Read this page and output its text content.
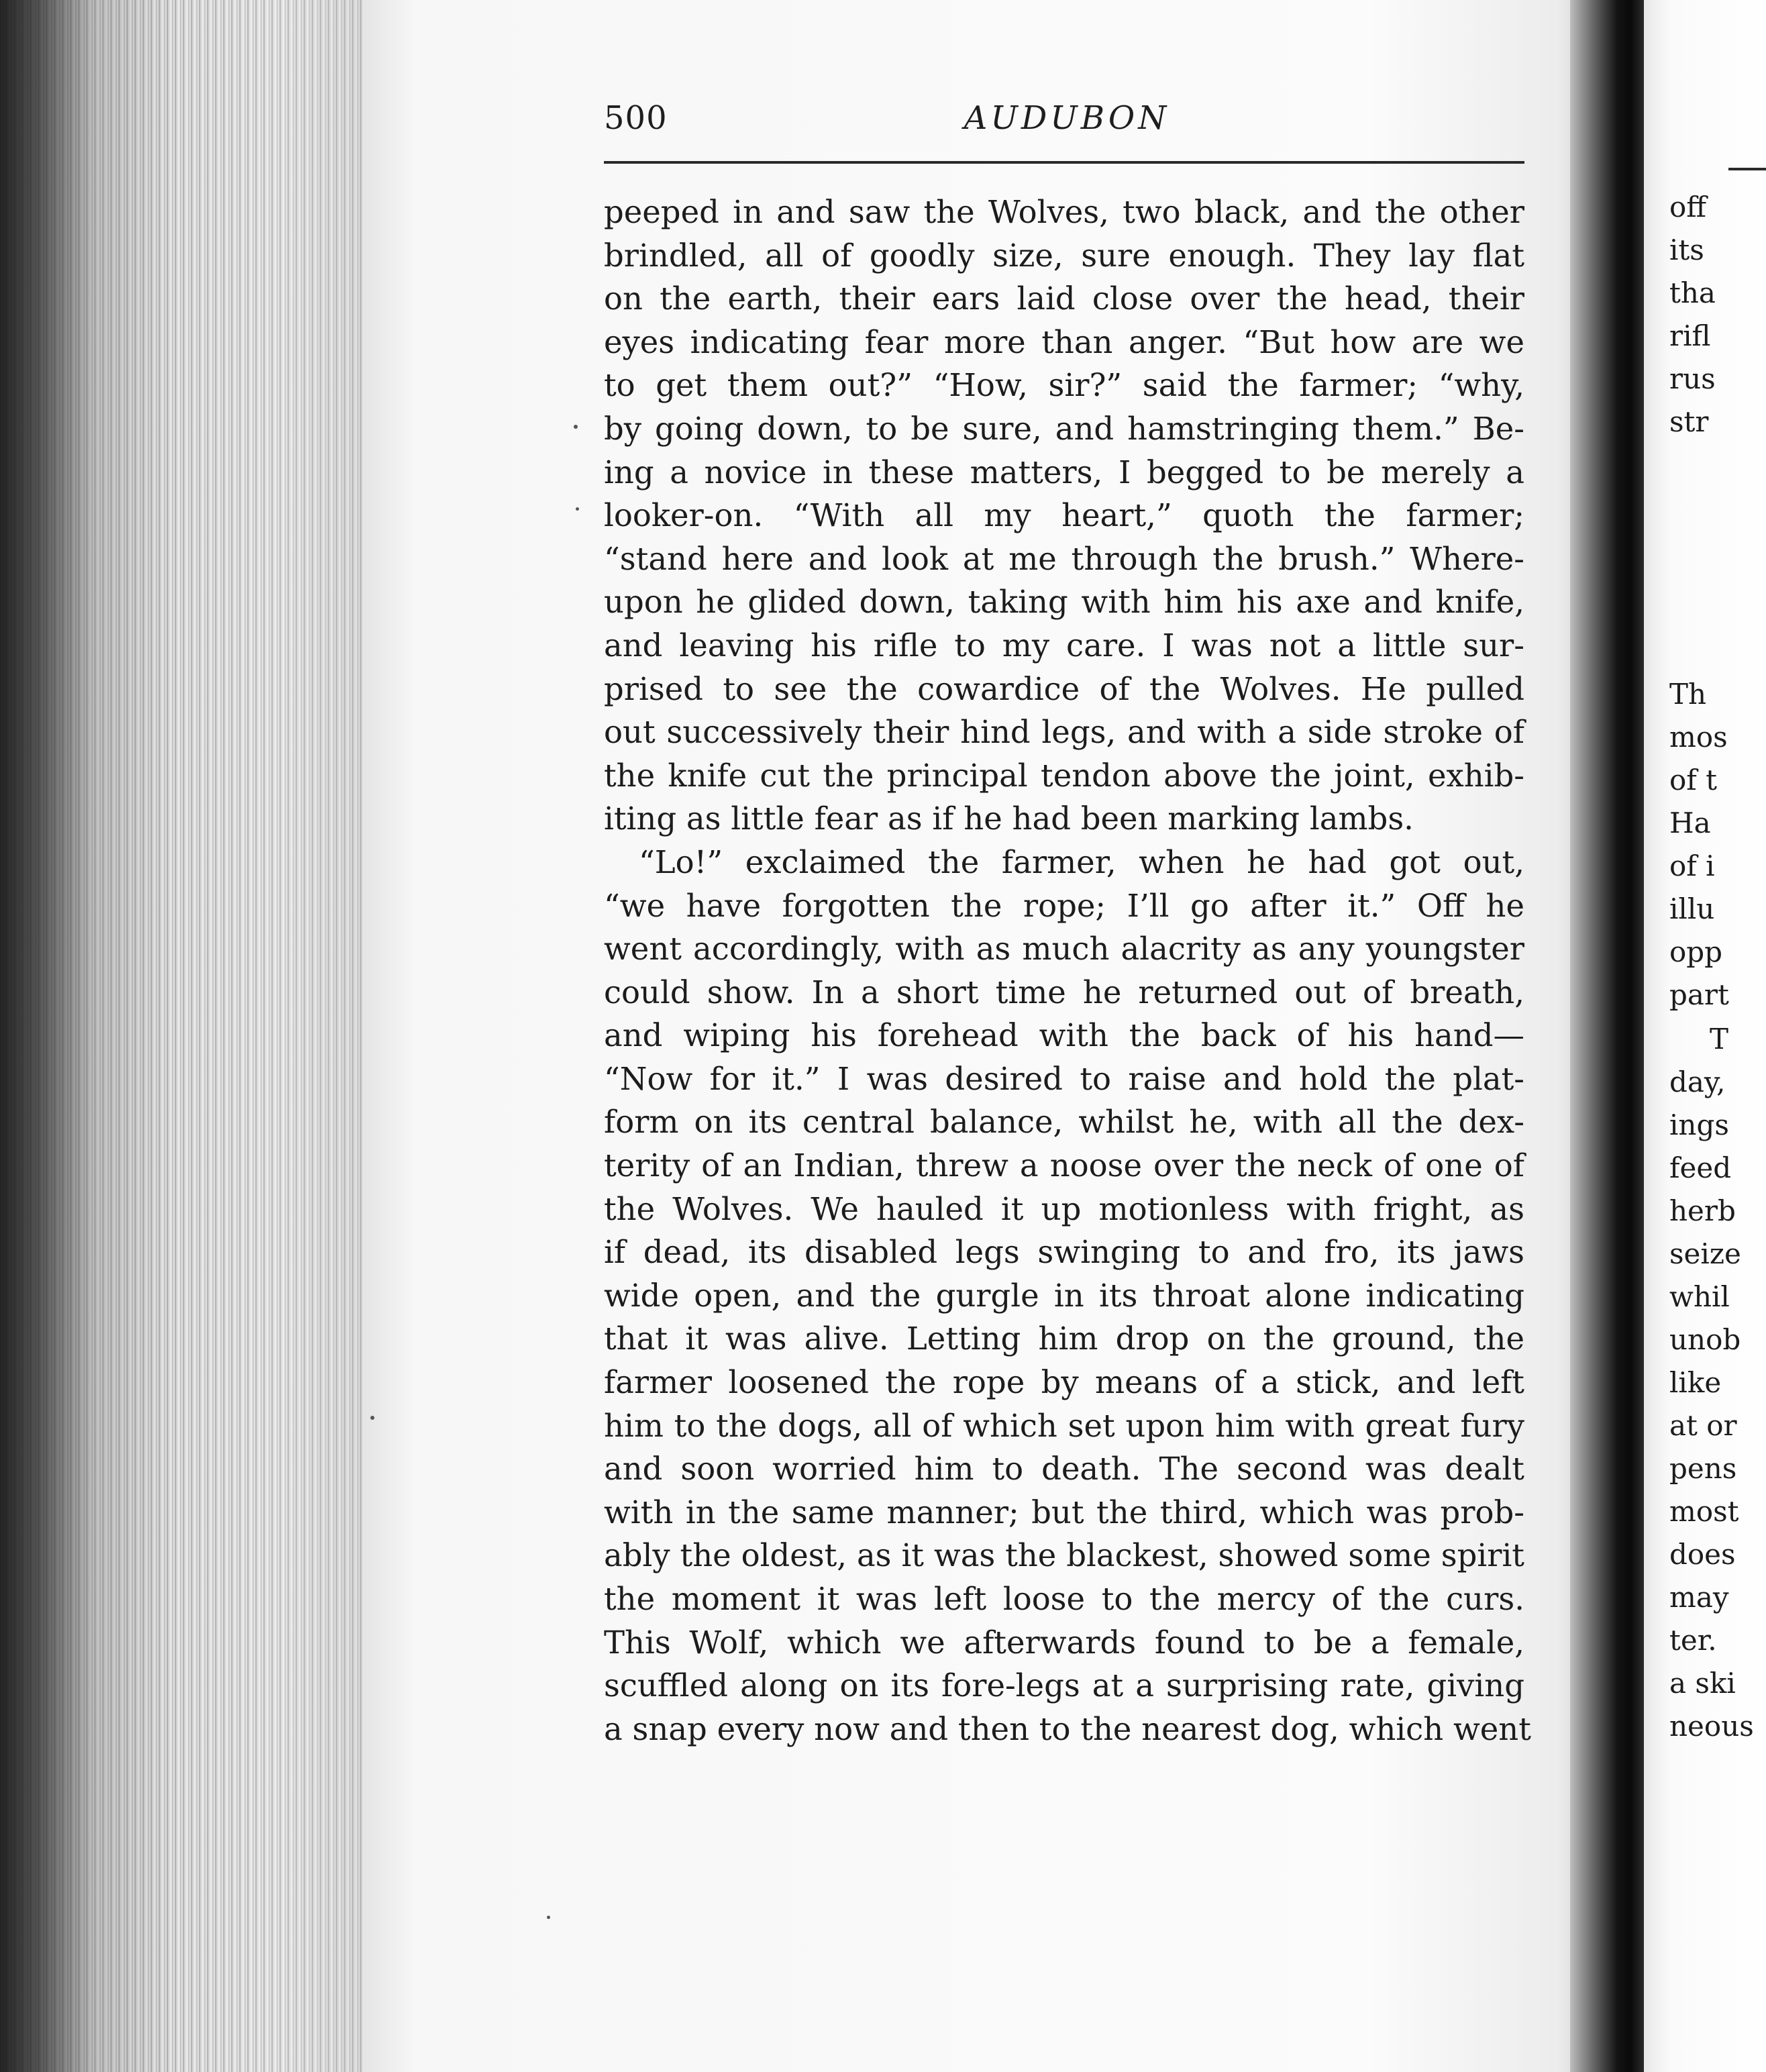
500	AUDUBON
peeped in and saw the Wolves, two black, and the other
brindled, all of goodly size, sure enough. They lay flat
on the earth, their ears laid close over the head, their
eyes indicating fear more than anger. “But how are we
to get them out?” “How, sir?” said the farmer; “why,
by going down, to be sure, and hamstringing them.” Be-
ing a novice in these matters, I begged to be merely a
looker-on. “With all my heart,” quoth the farmer;
“stand here and look at me through the brush.” Where-
upon he glided down, taking with him his axe and knife,
and leaving his rifle to my care. I was not a little sur-
prised to see the cowardice of the Wolves. He pulled
out successively their hind legs, and with a side stroke of
the knife cut the principal tendon above the joint, exhib-
iting as little fear as if he had been marking lambs.
“Lo!” exclaimed the farmer, when he had got out,
“we have forgotten the rope; I’ll go after it.” Off he
went accordingly, with as much alacrity as any youngster
could show. In a short time he returned out of breath,
and wiping his forehead with the back of his hand—
“Now for it.” I was desired to raise and hold the plat-
form on its central balance, whilst he, with all the dex-
terity of an Indian, threw a noose over the neck of one of
the Wolves. We hauled it up motionless with fright, as
if dead, its disabled legs swinging to and fro, its jaws
wide open, and the gurgle in its throat alone indicating
that it was alive. Letting him drop on the ground, the
farmer loosened the rope by means of a stick, and left
him to the dogs, all of which set upon him with great fury
and soon worried him to death. The second was dealt
with in the same manner; but the third, which was prob-
ably the oldest, as it was the blackest, showed some spirit
the moment it was left loose to the mercy of the curs.
This Wolf, which we afterwards found to be a female,
scuffled along on its fore-legs at a surprising rate, giving
a snap every now and then to the nearest dog, which went
off
its
tha
rifl
rus
str
Th
mos
of t
Ha
of i
illu
opp
part
T
day,
ings
feed
herb
seize
whil
unob
like
at or
pens
most
does
may
ter.
a ski
neous
